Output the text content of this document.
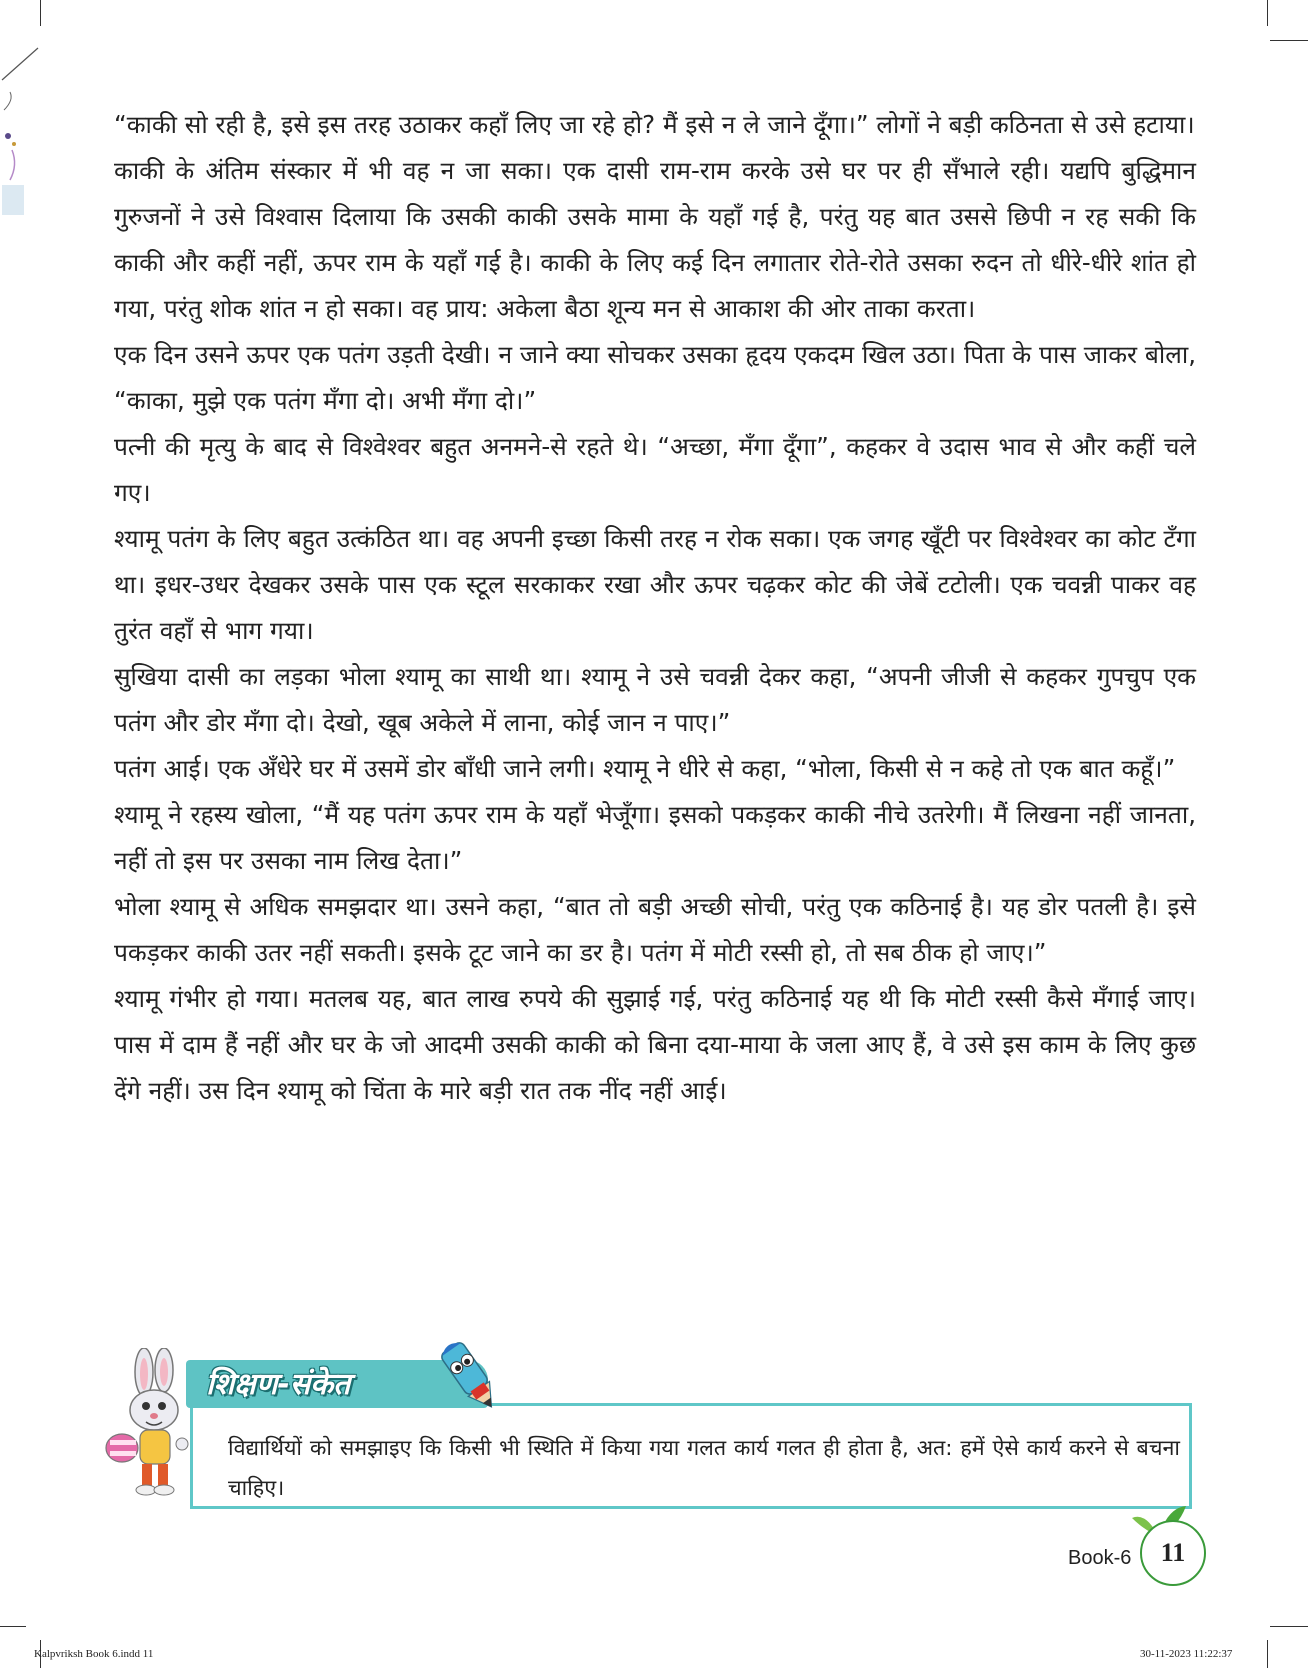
“काकी सो रही है, इसे इस तरह उठाकर कहाँ लिए जा रहे हो? मैं इसे न ले जाने दूँगा।” लोगों ने बड़ी कठिनता से उसे हटाया।

काकी के अंतिम संस्कार में भी वह न जा सका। एक दासी राम-राम करके उसे घर पर ही सँभाले रही। यद्यपि बुद्धिमान गुरुजनों ने उसे विश्वास दिलाया कि उसकी काकी उसके मामा के यहाँ गई है, परंतु यह बात उससे छिपी न रह सकी कि काकी और कहीं नहीं, ऊपर राम के यहाँ गई है। काकी के लिए कई दिन लगातार रोते-रोते उसका रुदन तो धीरे-धीरे शांत हो गया, परंतु शोक शांत न हो सका। वह प्राय: अकेला बैठा शून्य मन से आकाश की ओर ताका करता।

एक दिन उसने ऊपर एक पतंग उड़ती देखी। न जाने क्या सोचकर उसका हृदय एकदम खिल उठा। पिता के पास जाकर बोला, “काका, मुझे एक पतंग मँगा दो। अभी मँगा दो।”

पत्नी की मृत्यु के बाद से विश्वेश्वर बहुत अनमने-से रहते थे। “अच्छा, मँगा दूँगा”, कहकर वे उदास भाव से और कहीं चले गए।

श्यामू पतंग के लिए बहुत उत्कंठित था। वह अपनी इच्छा किसी तरह न रोक सका। एक जगह खूँटी पर विश्वेश्वर का कोट टँगा था। इधर-उधर देखकर उसके पास एक स्टूल सरकाकर रखा और ऊपर चढ़कर कोट की जेबें टटोली। एक चवन्नी पाकर वह तुरंत वहाँ से भाग गया।

सुखिया दासी का लड़का भोला श्यामू का साथी था। श्यामू ने उसे चवन्नी देकर कहा, “अपनी जीजी से कहकर गुपचुप एक पतंग और डोर मँगा दो। देखो, खूब अकेले में लाना, कोई जान न पाए।”

पतंग आई। एक अँधेरे घर में उसमें डोर बाँधी जाने लगी। श्यामू ने धीरे से कहा, “भोला, किसी से न कहे तो एक बात कहूँ।”

श्यामू ने रहस्य खोला, “मैं यह पतंग ऊपर राम के यहाँ भेजूँगा। इसको पकड़कर काकी नीचे उतरेगी। मैं लिखना नहीं जानता, नहीं तो इस पर उसका नाम लिख देता।”

भोला श्यामू से अधिक समझदार था। उसने कहा, “बात तो बड़ी अच्छी सोची, परंतु एक कठिनाई है। यह डोर पतली है। इसे पकड़कर काकी उतर नहीं सकती। इसके टूट जाने का डर है। पतंग में मोटी रस्सी हो, तो सब ठीक हो जाए।”

श्यामू गंभीर हो गया। मतलब यह, बात लाख रुपये की सुझाई गई, परंतु कठिनाई यह थी कि मोटी रस्सी कैसे मँगाई जाए। पास में दाम हैं नहीं और घर के जो आदमी उसकी काकी को बिना दया-माया के जला आए हैं, वे उसे इस काम के लिए कुछ देंगे नहीं। उस दिन श्यामू को चिंता के मारे बड़ी रात तक नींद नहीं आई।

शिक्षण-संकेत
विद्यार्थियों को समझाइए कि किसी भी स्थिति में किया गया गलत कार्य गलत ही होता है, अत: हमें ऐसे कार्य करने से बचना चाहिए।
Book-6	11
Kalpvriksh Book 6.indd 11	30-11-2023 11:22:37
